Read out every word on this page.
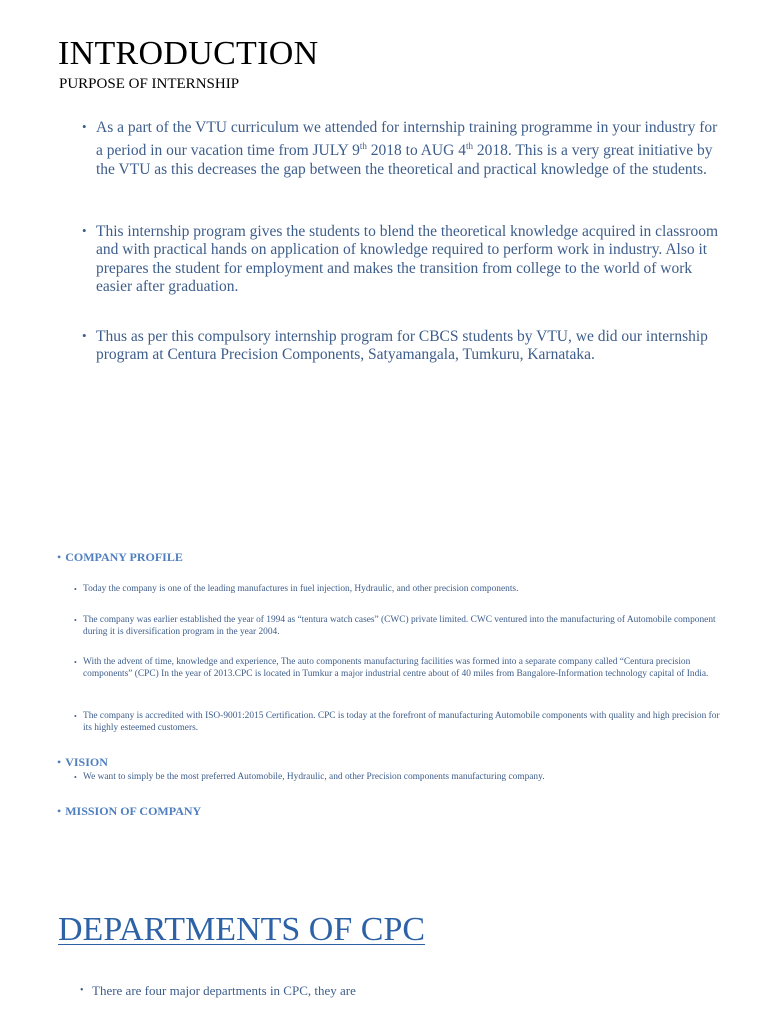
INTRODUCTION
PURPOSE OF INTERNSHIP
• As a part of the VTU curriculum we attended for internship training programme in your industry for a period in our vacation time from JULY 9th 2018 to AUG 4th 2018. This is a very great initiative by the VTU as this decreases the gap between the theoretical and practical knowledge of the students.
• This internship program gives the students to blend the theoretical knowledge acquired in classroom and with practical hands on application of knowledge required to perform work in industry. Also it prepares the student for employment and makes the transition from college to the world of work easier after graduation.
• Thus as per this compulsory internship program for CBCS students by VTU, we did our internship program at Centura Precision Components, Satyamangala, Tumkuru, Karnataka.
• COMPANY PROFILE
• Today the company is one of the leading manufactures in fuel injection, Hydraulic, and other precision components.
• The company was earlier established the year of 1994 as “tentura watch cases” (CWC) private limited. CWC ventured into the manufacturing of Automobile component during it is diversification program in the year 2004.
• With the advent of time, knowledge and experience, The auto components manufacturing facilities was formed into a separate company called “Centura precision components” (CPC) In the year of 2013.CPC is located in Tumkur a major industrial centre about of 40 miles from Bangalore-Information technology capital of India.
• The company is accredited with ISO-9001:2015 Certification. CPC is today at the forefront of manufacturing Automobile components with quality and high precision for its highly esteemed customers.
• VISION
• We want to simply be the most preferred Automobile, Hydraulic, and other Precision components manufacturing company.
• MISSION OF COMPANY
DEPARTMENTS OF CPC
• There are four major departments in CPC, they are
